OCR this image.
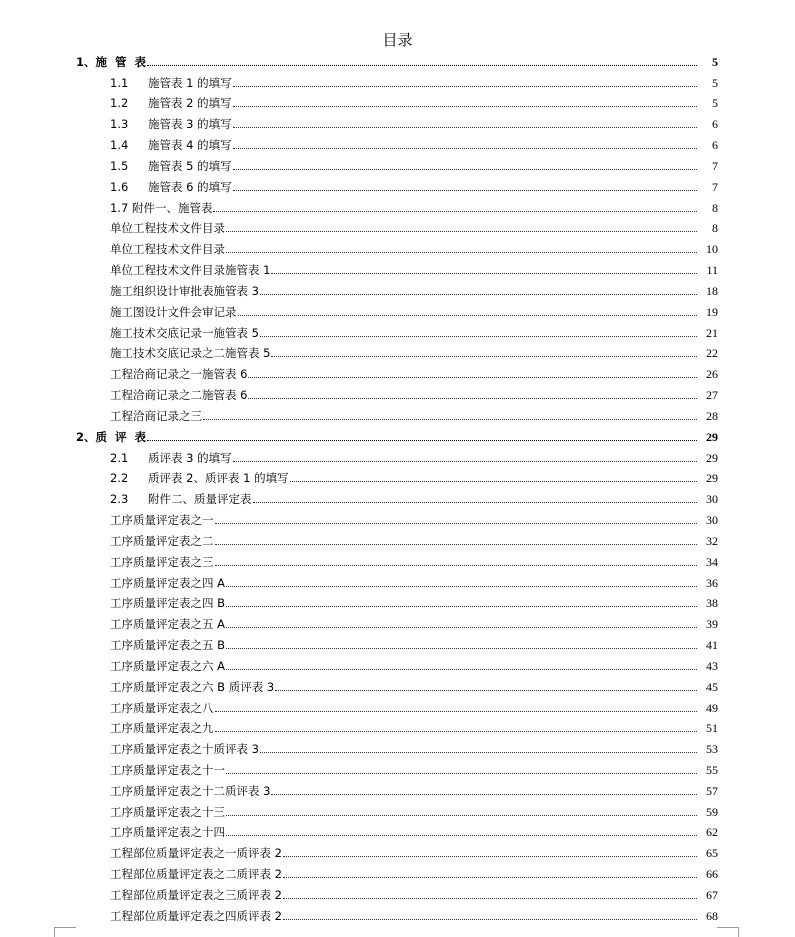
目录
1、施  管  表	5
1.1 施管表 1 的填写	5
1.2 施管表 2 的填写	5
1.3 施管表 3 的填写	6
1.4 施管表 4 的填写	6
1.5 施管表 5 的填写	7
1.6 施管表 6 的填写	7
1.7 附件一、施管表	8
单位工程技术文件目录	8
单位工程技术文件目录	10
单位工程技术文件目录施管表 1	11
施工组织设计审批表施管表 3	18
施工图设计文件会审记录	19
施工技术交底记录一施管表 5	21
施工技术交底记录之二施管表 5	22
工程洽商记录之一施管表 6	26
工程洽商记录之二施管表 6	27
工程洽商记录之三	28
2、质  评  表	29
2.1 质评表 3 的填写	29
2.2 质评表 2、质评表 1 的填写	29
2.3 附件二、质量评定表	30
工序质量评定表之一	30
工序质量评定表之二	32
工序质量评定表之三	34
工序质量评定表之四 A	36
工序质量评定表之四 B	38
工序质量评定表之五 A	39
工序质量评定表之五 B	41
工序质量评定表之六 A	43
工序质量评定表之六 B 质评表 3	45
工序质量评定表之八	49
工序质量评定表之九	51
工序质量评定表之十质评表 3	53
工序质量评定表之十一	55
工序质量评定表之十二质评表 3	57
工序质量评定表之十三	59
工序质量评定表之十四	62
工程部位质量评定表之一质评表 2	65
工程部位质量评定表之二质评表 2	66
工程部位质量评定表之三质评表 2	67
工程部位质量评定表之四质评表 2	68
